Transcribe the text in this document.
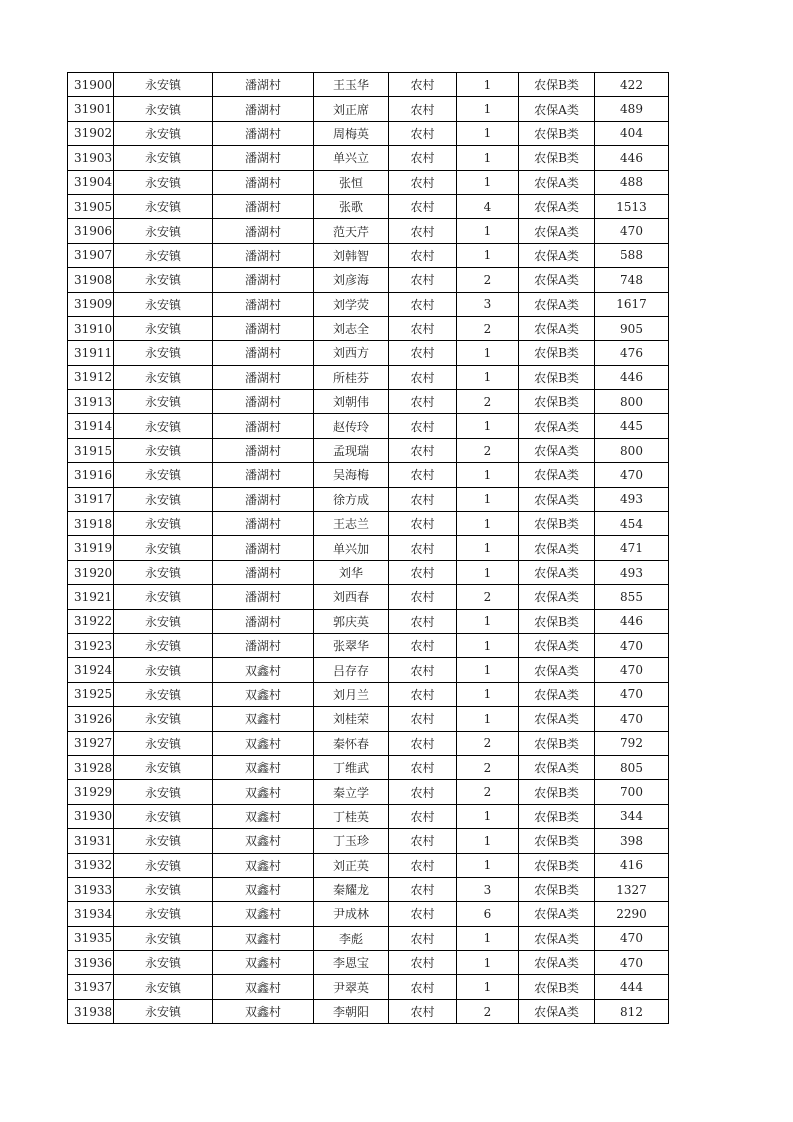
31900	永安镇	潘湖村	王玉华	农村	1	农保B类	422
31901	永安镇	潘湖村	刘正席	农村	1	农保A类	489
31902	永安镇	潘湖村	周梅英	农村	1	农保B类	404
31903	永安镇	潘湖村	单兴立	农村	1	农保B类	446
31904	永安镇	潘湖村	张恒	农村	1	农保A类	488
31905	永安镇	潘湖村	张歌	农村	4	农保A类	1513
31906	永安镇	潘湖村	范天芹	农村	1	农保A类	470
31907	永安镇	潘湖村	刘韩智	农村	1	农保A类	588
31908	永安镇	潘湖村	刘彦海	农村	2	农保A类	748
31909	永安镇	潘湖村	刘学荧	农村	3	农保A类	1617
31910	永安镇	潘湖村	刘志全	农村	2	农保A类	905
31911	永安镇	潘湖村	刘西方	农村	1	农保B类	476
31912	永安镇	潘湖村	所桂芬	农村	1	农保B类	446
31913	永安镇	潘湖村	刘朝伟	农村	2	农保B类	800
31914	永安镇	潘湖村	赵传玲	农村	1	农保A类	445
31915	永安镇	潘湖村	孟现瑞	农村	2	农保A类	800
31916	永安镇	潘湖村	吴海梅	农村	1	农保A类	470
31917	永安镇	潘湖村	徐方成	农村	1	农保A类	493
31918	永安镇	潘湖村	王志兰	农村	1	农保B类	454
31919	永安镇	潘湖村	单兴加	农村	1	农保A类	471
31920	永安镇	潘湖村	刘华	农村	1	农保A类	493
31921	永安镇	潘湖村	刘西春	农村	2	农保A类	855
31922	永安镇	潘湖村	郭庆英	农村	1	农保B类	446
31923	永安镇	潘湖村	张翠华	农村	1	农保A类	470
31924	永安镇	双鑫村	吕存存	农村	1	农保A类	470
31925	永安镇	双鑫村	刘月兰	农村	1	农保A类	470
31926	永安镇	双鑫村	刘桂荣	农村	1	农保A类	470
31927	永安镇	双鑫村	秦怀春	农村	2	农保B类	792
31928	永安镇	双鑫村	丁维武	农村	2	农保A类	805
31929	永安镇	双鑫村	秦立学	农村	2	农保B类	700
31930	永安镇	双鑫村	丁桂英	农村	1	农保B类	344
31931	永安镇	双鑫村	丁玉珍	农村	1	农保B类	398
31932	永安镇	双鑫村	刘正英	农村	1	农保B类	416
31933	永安镇	双鑫村	秦耀龙	农村	3	农保B类	1327
31934	永安镇	双鑫村	尹成林	农村	6	农保A类	2290
31935	永安镇	双鑫村	李彪	农村	1	农保A类	470
31936	永安镇	双鑫村	李恩宝	农村	1	农保A类	470
31937	永安镇	双鑫村	尹翠英	农村	1	农保B类	444
31938	永安镇	双鑫村	李朝阳	农村	2	农保A类	812
